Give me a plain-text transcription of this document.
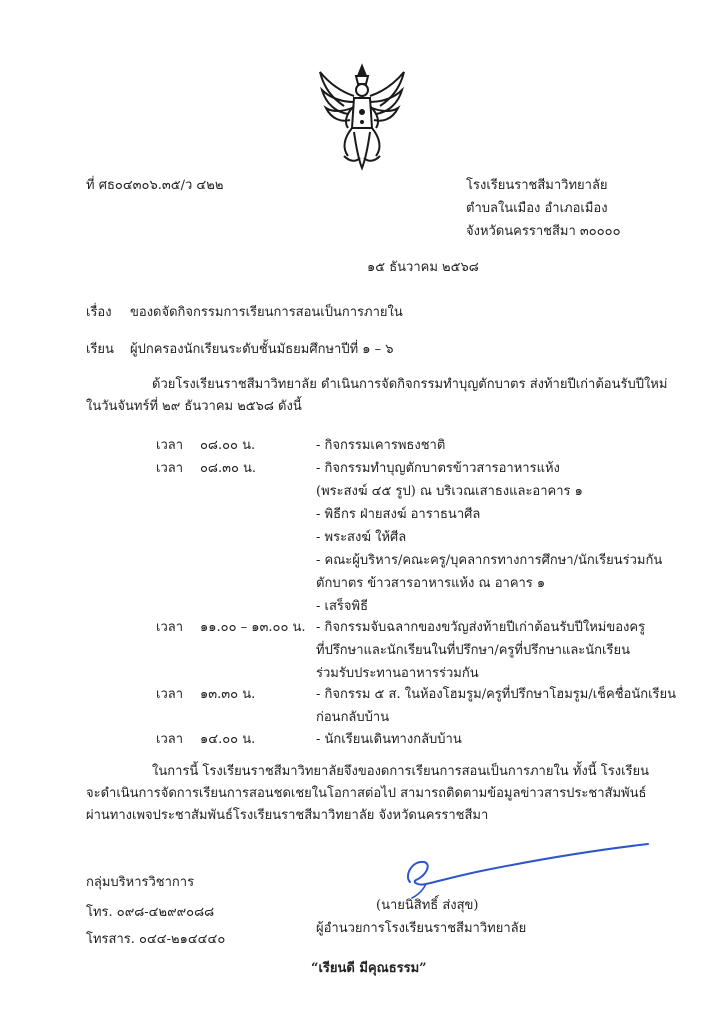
ที่ ศธ๐๔๓๐๖.๓๕/ว ๔๒๒	โรงเรียนราชสีมาวิทยาลัย
ตำบลในเมือง อำเภอเมือง
จังหวัดนครราชสีมา ๓๐๐๐๐
๑๕ ธันวาคม ๒๕๖๘
เรื่อง ของดจัดกิจกรรมการเรียนการสอนเป็นการภายใน
เรียน ผู้ปกครองนักเรียนระดับชั้นมัธยมศึกษาปีที่ ๑ – ๖
ด้วยโรงเรียนราชสีมาวิทยาลัย ดำเนินการจัดกิจกรรมทำบุญตักบาตร ส่งท้ายปีเก่าต้อนรับปีใหม่
ในวันจันทร์ที่ ๒๙ ธันวาคม ๒๕๖๘ ดังนี้
เวลา ๐๘.๐๐ น.	- กิจกรรมเคารพธงชาติ
เวลา ๐๘.๓๐ น.	- กิจกรรมทำบุญตักบาตรข้าวสารอาหารแห้ง
(พระสงฆ์ ๔๕ รูป) ณ บริเวณเสาธงและอาคาร ๑
- พิธีกร ฝ่ายสงฆ์ อาราธนาศีล
- พระสงฆ์ ให้ศีล
- คณะผู้บริหาร/คณะครู/บุคลากรทางการศึกษา/นักเรียนร่วมกัน
ตักบาตร ข้าวสารอาหารแห้ง ณ อาคาร ๑
- เสร็จพิธี
เวลา ๑๑.๐๐ – ๑๓.๐๐ น. - กิจกรรมจับฉลากของขวัญส่งท้ายปีเก่าต้อนรับปีใหม่ของครู
ที่ปรึกษาและนักเรียนในที่ปรึกษา/ครูที่ปรึกษาและนักเรียน
ร่วมรับประทานอาหารร่วมกัน
เวลา ๑๓.๓๐ น.	- กิจกรรม ๕ ส. ในห้องโฮมรูม/ครูที่ปรึกษาโฮมรูม/เช็คชื่อนักเรียน
ก่อนกลับบ้าน
เวลา ๑๔.๐๐ น.	- นักเรียนเดินทางกลับบ้าน
ในการนี้ โรงเรียนราชสีมาวิทยาลัยจึงของดการเรียนการสอนเป็นการภายใน ทั้งนี้ โรงเรียน
จะดำเนินการจัดการเรียนการสอนชดเชยในโอกาสต่อไป สามารถติดตามข้อมูลข่าวสารประชาสัมพันธ์
ผ่านทางเพจประชาสัมพันธ์โรงเรียนราชสีมาวิทยาลัย จังหวัดนครราชสีมา
กลุ่มบริหารวิชาการ
โทร. ๐๙๘-๔๒๙๙๐๘๘
โทรสาร. ๐๔๔-๒๑๔๔๔๐
(นายนิสิทธิ์ ส่งสุข)
ผู้อำนวยการโรงเรียนราชสีมาวิทยาลัย
“เรียนดี มีคุณธรรม”
